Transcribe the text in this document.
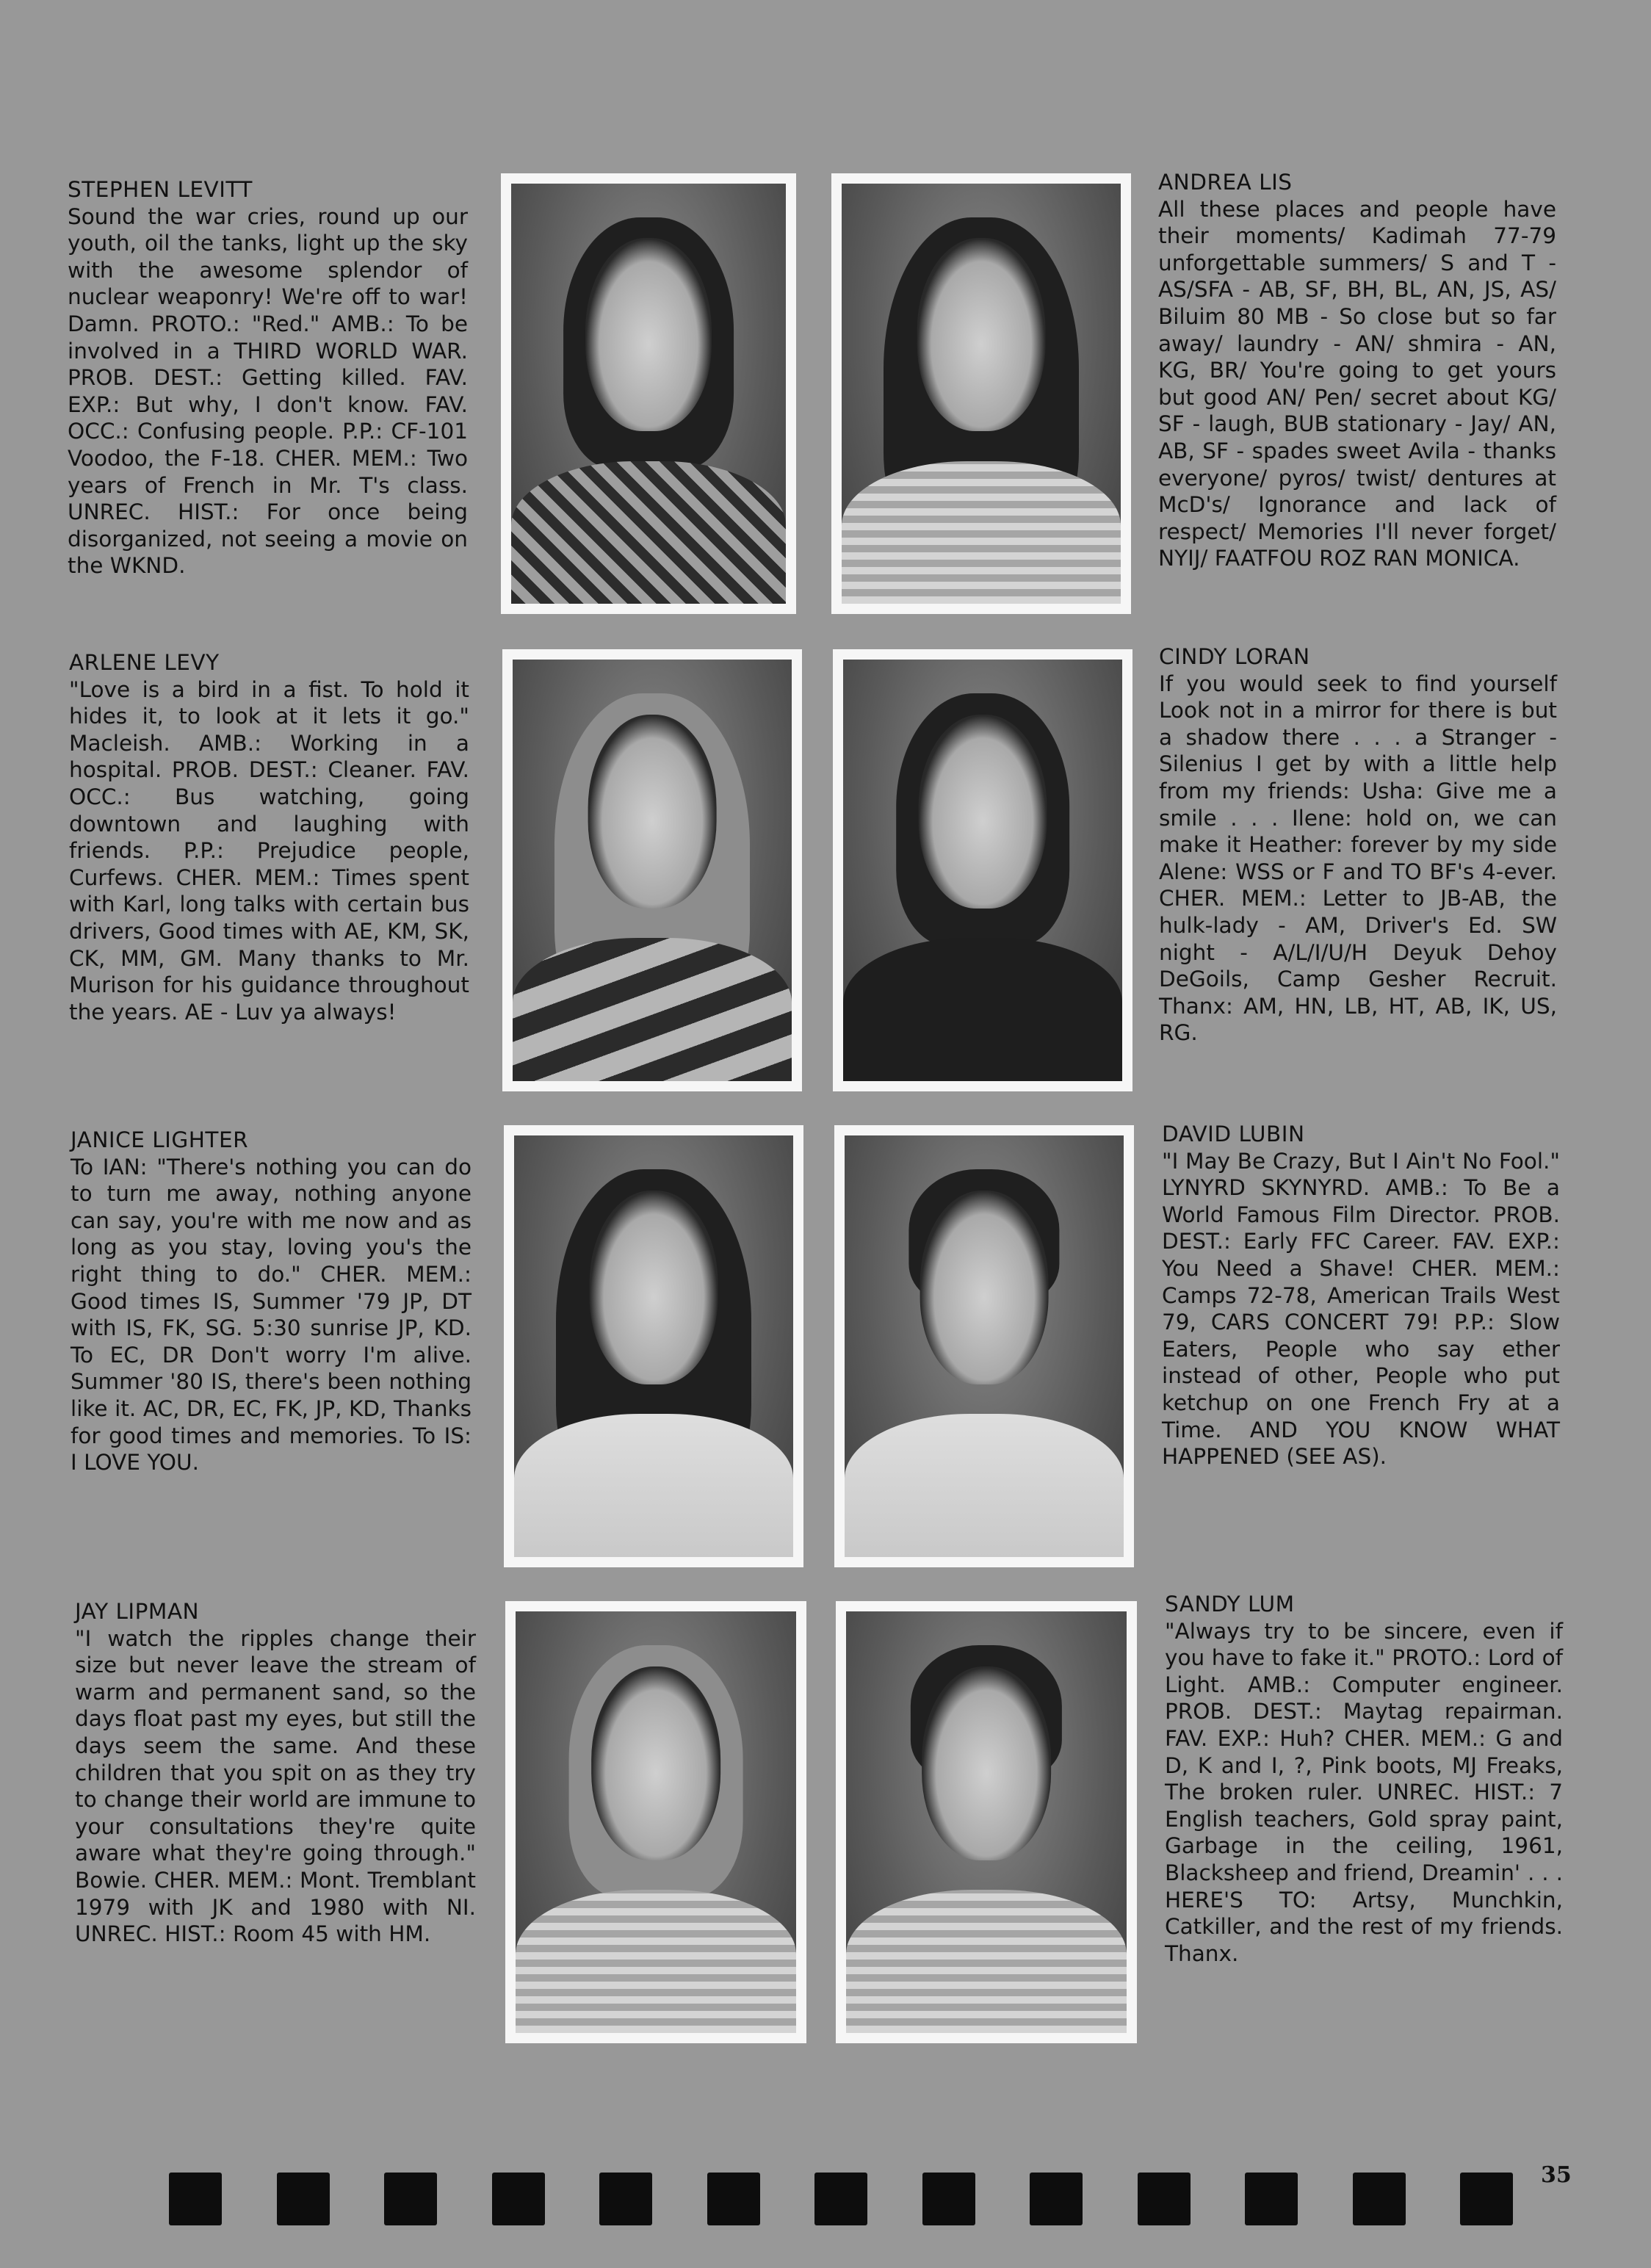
STEPHEN LEVITT
Sound the war cries, round up our youth, oil the tanks, light up the sky with the awesome splendor of nuclear weaponry! We're off to war! Damn. PROTO.: "Red." AMB.: To be involved in a THIRD WORLD WAR. PROB. DEST.: Getting killed. FAV. EXP.: But why, I don't know. FAV. OCC.: Confusing people. P.P.: CF-101 Voodoo, the F-18. CHER. MEM.: Two years of French in Mr. T's class. UNREC. HIST.: For once being disorganized, not seeing a movie on the WKND.
ANDREA LIS
All these places and people have their moments/ Kadimah 77-79 unforgettable summers/ S and T - AS/SFA - AB, SF, BH, BL, AN, JS, AS/ Biluim 80 MB - So close but so far away/ laundry - AN/ shmira - AN, KG, BR/ You're going to get yours but good AN/ Pen/ secret about KG/ SF - laugh, BUB stationary - Jay/ AN, AB, SF - spades sweet Avila - thanks everyone/ pyros/ twist/ dentures at McD's/ Ignorance and lack of respect/ Memories I'll never forget/ NYIJ/ FAATFOU ROZ RAN MONICA.
ARLENE LEVY
"Love is a bird in a fist. To hold it hides it, to look at it lets it go." Macleish. AMB.: Working in a hospital. PROB. DEST.: Cleaner. FAV. OCC.: Bus watching, going downtown and laughing with friends. P.P.: Prejudice people, Curfews. CHER. MEM.: Times spent with Karl, long talks with certain bus drivers, Good times with AE, KM, SK, CK, MM, GM. Many thanks to Mr. Murison for his guidance throughout the years. AE - Luv ya always!
CINDY LORAN
If you would seek to find yourself Look not in a mirror for there is but a shadow there . . . a Stranger - Silenius I get by with a little help from my friends: Usha: Give me a smile . . . Ilene: hold on, we can make it Heather: forever by my side Alene: WSS or F and TO BF's 4-ever. CHER. MEM.: Letter to JB-AB, the hulk-lady - AM, Driver's Ed. SW night - A/L/I/U/H Deyuk Dehoy DeGoils, Camp Gesher Recruit. Thanx: AM, HN, LB, HT, AB, IK, US, RG.
JANICE LIGHTER
To IAN: "There's nothing you can do to turn me away, nothing anyone can say, you're with me now and as long as you stay, loving you's the right thing to do." CHER. MEM.: Good times IS, Summer '79 JP, DT with IS, FK, SG. 5:30 sunrise JP, KD. To EC, DR Don't worry I'm alive. Summer '80 IS, there's been nothing like it. AC, DR, EC, FK, JP, KD, Thanks for good times and memories. To IS: I LOVE YOU.
DAVID LUBIN
"I May Be Crazy, But I Ain't No Fool." LYNYRD SKYNYRD. AMB.: To Be a World Famous Film Director. PROB. DEST.: Early FFC Career. FAV. EXP.: You Need a Shave! CHER. MEM.: Camps 72-78, American Trails West 79, CARS CONCERT 79! P.P.: Slow Eaters, People who say ether instead of other, People who put ketchup on one French Fry at a Time. AND YOU KNOW WHAT HAPPENED (SEE AS).
JAY LIPMAN
"I watch the ripples change their size but never leave the stream of warm and permanent sand, so the days float past my eyes, but still the days seem the same. And these children that you spit on as they try to change their world are immune to your consultations they're quite aware what they're going through." Bowie. CHER. MEM.: Mont. Tremblant 1979 with JK and 1980 with NI. UNREC. HIST.: Room 45 with HM.
SANDY LUM
"Always try to be sincere, even if you have to fake it." PROTO.: Lord of Light. AMB.: Computer engineer. PROB. DEST.: Maytag repairman. FAV. EXP.: Huh? CHER. MEM.: G and D, K and I, ?, Pink boots, MJ Freaks, The broken ruler. UNREC. HIST.: 7 English teachers, Gold spray paint, Garbage in the ceiling, 1961, Blacksheep and friend, Dreamin' . . . HERE'S TO: Artsy, Munchkin, Catkiller, and the rest of my friends. Thanx.
35
